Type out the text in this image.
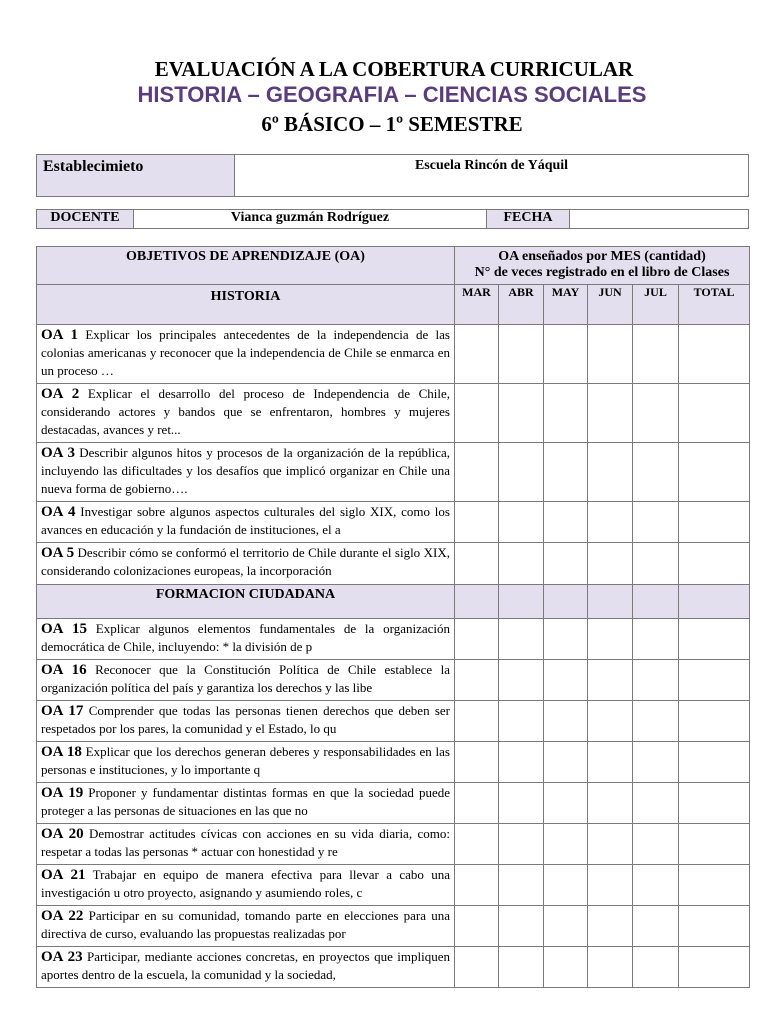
EVALUACIÓN A LA COBERTURA CURRICULAR
HISTORIA – GEOGRAFIA – CIENCIAS SOCIALES
6º BÁSICO – 1º SEMESTRE
Establecimieto	Escuela Rincón de Yáquil
DOCENTE	Vianca guzmán Rodríguez	FECHA	
OBJETIVOS DE APRENDIZAJE (OA)	OA enseñados por MES (cantidad)
N° de veces registrado en el libro de Clases					

HISTORIA	MAR	ABR	MAY	JUN	JUL	TOTAL

OA 1 Explicar los principales antecedentes de la independencia de las colonias americanas y reconocer que la independencia de Chile se enmarca en un proceso …						

OA 2 Explicar el desarrollo del proceso de Independencia de Chile, considerando actores y bandos que se enfrentaron, hombres y mujeres destacadas, avances y ret...						

OA 3 Describir algunos hitos y procesos de la organización de la república, incluyendo las dificultades y los desafíos que implicó organizar en Chile una nueva forma de gobierno….						

OA 4 Investigar sobre algunos aspectos culturales del siglo XIX, como los avances en educación y la fundación de instituciones, el a						

OA 5 Describir cómo se conformó el territorio de Chile durante el siglo XIX, considerando colonizaciones europeas, la incorporación						

FORMACION CIUDADANA						

OA 15 Explicar algunos elementos fundamentales de la organización democrática de Chile, incluyendo: * la división de p						

OA 16 Reconocer que la Constitución Política de Chile establece la organización política del país y garantiza los derechos y las libe						

OA 17 Comprender que todas las personas tienen derechos que deben ser respetados por los pares, la comunidad y el Estado, lo qu						

OA 18 Explicar que los derechos generan deberes y responsabilidades en las personas e instituciones, y lo importante q						

OA 19 Proponer y fundamentar distintas formas en que la sociedad puede proteger a las personas de situaciones en las que no						

OA 20 Demostrar actitudes cívicas con acciones en su vida diaria, como: respetar a todas las personas * actuar con honestidad y re						

OA 21 Trabajar en equipo de manera efectiva para llevar a cabo una investigación u otro proyecto, asignando y asumiendo roles, c						

OA 22 Participar en su comunidad, tomando parte en elecciones para una directiva de curso, evaluando las propuestas realizadas por						

OA 23 Participar, mediante acciones concretas, en proyectos que impliquen aportes dentro de la escuela, la comunidad y la sociedad,						
